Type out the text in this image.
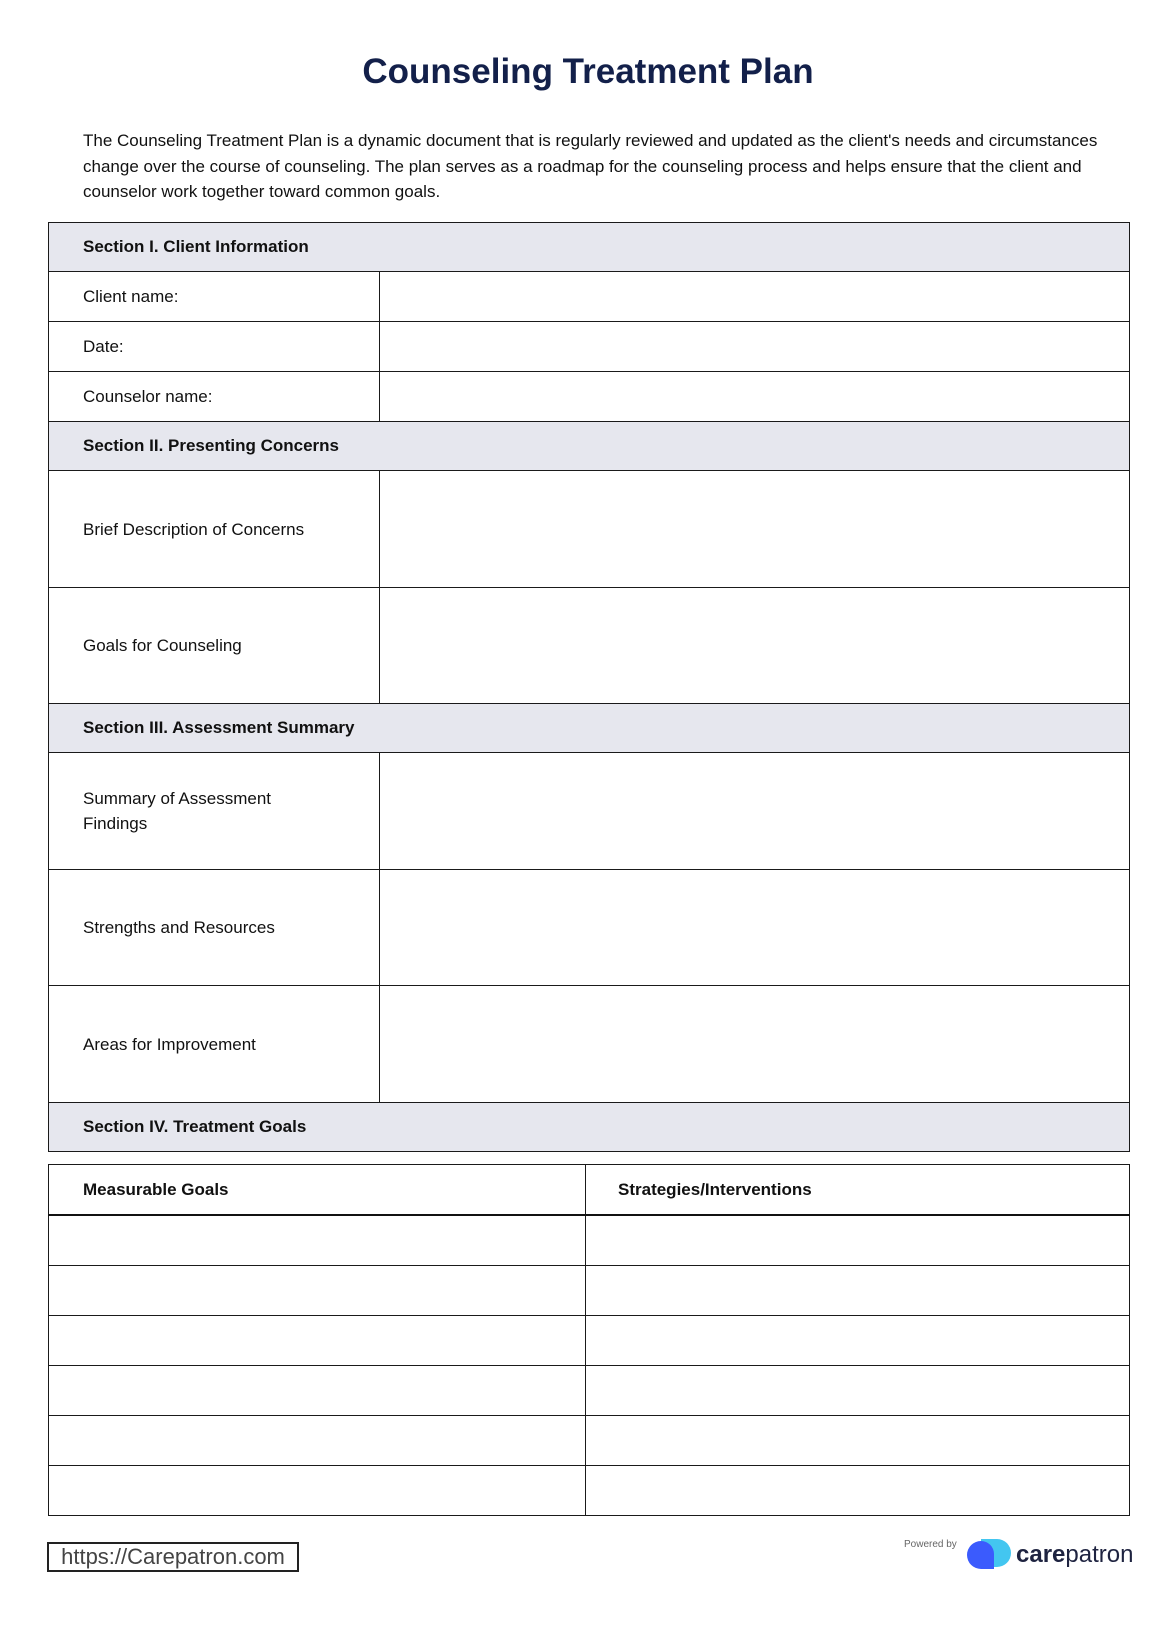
Counseling Treatment Plan

The Counseling Treatment Plan is a dynamic document that is regularly reviewed and updated as the client's needs and circumstances change over the course of counseling. The plan serves as a roadmap for the counseling process and helps ensure that the client and counselor work together toward common goals.

Section I. Client Information	
Client name:	
Date:	
Counselor name:	
Section II. Presenting Concerns	
Brief Description of Concerns	
Goals for Counseling	
Section III. Assessment Summary	
Summary of Assessment Findings	
Strengths and Resources	
Areas for Improvement	
Section IV. Treatment Goals	
Measurable Goals	Strategies/Interventions

https://Carepatron.com	Powered by carepatron
